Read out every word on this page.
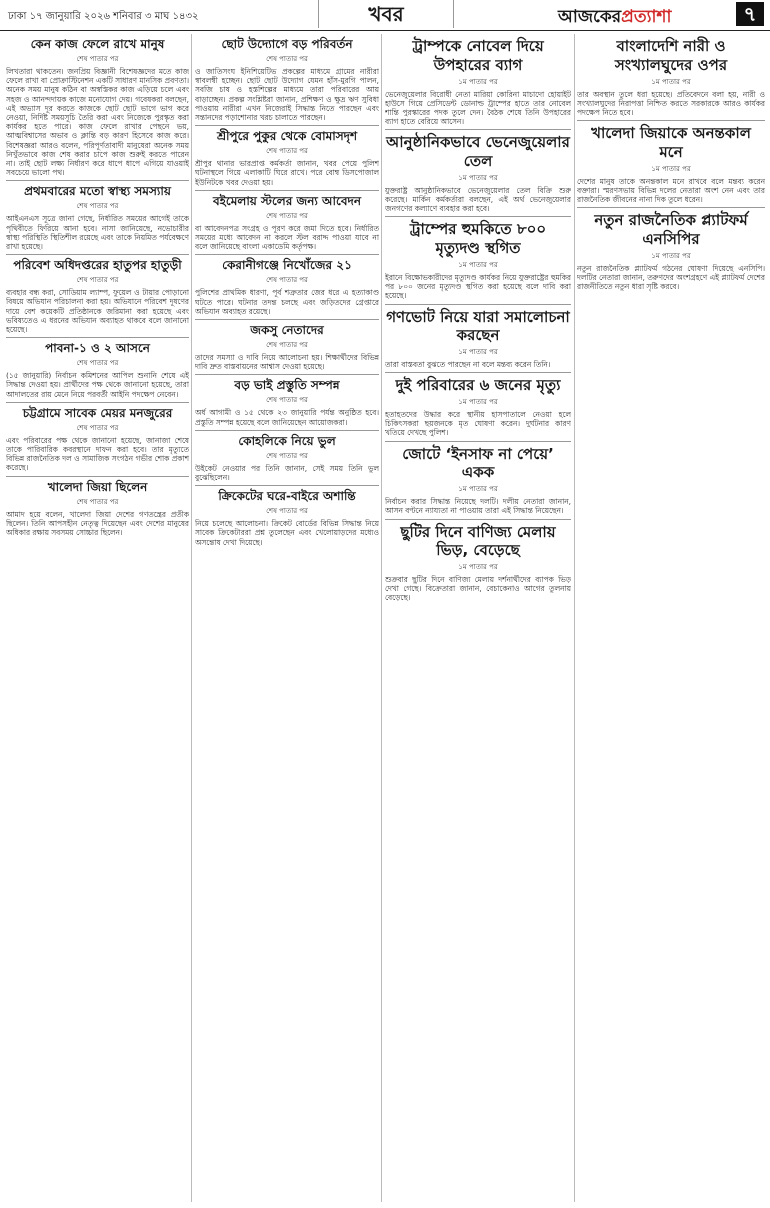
ঢাকা ১৭ জানুয়ারি ২০২৬ শনিবার ৩ মাঘ ১৪৩২	খবর	আজকেরপ্রত্যাশা	৭
কেন কাজ ফেলে রাখে মানুষ
শেষ পাতার পর

লিখতারা থাকতেন। জনপ্রিয় বিজ্ঞানী বিশেষজ্ঞদের মতে কাজ ফেলে রাখা বা প্রোক্রাস্টিনেশন একটি সাধারণ মানসিক প্রবণতা। অনেক সময় মানুষ কঠিন বা অস্বস্তিকর কাজ এড়িয়ে চলে এবং সহজ ও আনন্দদায়ক কাজে মনোযোগ দেয়। গবেষকরা বলছেন, এই অভ্যাস দূর করতে কাজকে ছোট ছোট ভাগে ভাগ করে নেওয়া, নির্দিষ্ট সময়সূচি তৈরি করা এবং নিজেকে পুরস্কৃত করা কার্যকর হতে পারে। কাজ ফেলে রাখার পেছনে ভয়, আত্মবিশ্বাসের অভাব ও ক্লান্তি বড় কারণ হিসেবে কাজ করে। বিশেষজ্ঞরা আরও বলেন, পরিপূর্ণতাবাদী মানুষেরা অনেক সময় নিখুঁতভাবে কাজ শেষ করার চাপে কাজ শুরুই করতে পারেন না। তাই ছোট লক্ষ্য নির্ধারণ করে ধাপে ধাপে এগিয়ে যাওয়াই সবচেয়ে ভালো পথ।

প্রথমবারের মতো স্বাস্থ্য সমস্যায়
শেষ পাতার পর

আইএনএস সূত্রে জানা গেছে, নির্ধারিত সময়ের আগেই তাকে পৃথিবীতে ফিরিয়ে আনা হবে। নাসা জানিয়েছে, নভোচারীর স্বাস্থ্য পরিস্থিতি স্থিতিশীল রয়েছে এবং তাকে নিয়মিত পর্যবেক্ষণে রাখা হয়েছে।

পরিবেশ অধিদপ্তরের হাতুপর হাতুড়ী
শেষ পাতার পর

ব্যবহার বন্ধ করা, সোডিয়াম ল্যাম্প, ফুয়েল ও টায়ার পোড়ানো বিষয়ে অভিযান পরিচালনা করা হয়। অভিযানে পরিবেশ দূষণের দায়ে বেশ কয়েকটি প্রতিষ্ঠানকে জরিমানা করা হয়েছে এবং ভবিষ্যতেও এ ধরনের অভিযান অব্যাহত থাকবে বলে জানানো হয়েছে।

পাবনা-১ ও ২ আসনে
শেষ পাতার পর

(১৫ জানুয়ারি) নির্বাচন কমিশনের আপিল শুনানি শেষে এই সিদ্ধান্ত দেওয়া হয়। প্রার্থীদের পক্ষ থেকে জানানো হয়েছে, তারা আদালতের রায় মেনে নিয়ে পরবর্তী আইনি পদক্ষেপ নেবেন।

চট্টগ্রামে সাবেক মেয়র মনজুরের
শেষ পাতার পর

এবং পরিবারের পক্ষ থেকে জানানো হয়েছে, জানাজা শেষে তাকে পারিবারিক কবরস্থানে দাফন করা হবে। তার মৃত্যুতে বিভিন্ন রাজনৈতিক দল ও সামাজিক সংগঠন গভীর শোক প্রকাশ করেছে।

খালেদা জিয়া ছিলেন
শেষ পাতার পর

আমাদ হয়ে বলেন, খালেদা জিয়া দেশের গণতন্ত্রের প্রতীক ছিলেন। তিনি আপসহীন নেতৃত্ব দিয়েছেন এবং দেশের মানুষের অধিকার রক্ষায় সবসময় সোচ্চার ছিলেন।

ছোট উদ্যোগে বড় পরিবর্তন
শেষ পাতার পর

ও জাতিসংঘ ইনিশিয়েটিভ প্রকল্পের মাধ্যমে গ্রামের নারীরা স্বাবলম্বী হচ্ছেন। ছোট ছোট উদ্যোগ যেমন হাঁস-মুরগি পালন, সবজি চাষ ও হস্তশিল্পের মাধ্যমে তারা পরিবারের আয় বাড়াচ্ছেন। প্রকল্প সংশ্লিষ্টরা জানান, প্রশিক্ষণ ও ক্ষুদ্র ঋণ সুবিধা পাওয়ায় নারীরা এখন নিজেরাই সিদ্ধান্ত নিতে পারছেন এবং সন্তানদের পড়াশোনার খরচ চালাতে পারছেন।

শ্রীপুরে পুকুর থেকে বোমাসদৃশ
শেষ পাতার পর

শ্রীপুর থানার ভারপ্রাপ্ত কর্মকর্তা জানান, খবর পেয়ে পুলিশ ঘটনাস্থলে গিয়ে এলাকাটি ঘিরে রাখে। পরে বোম্ব ডিসপোজাল ইউনিটকে খবর দেওয়া হয়।

বইমেলায় স্টলের জন্য আবেদন
শেষ পাতার পর

বা আবেদনপত্র সংগ্রহ ও পূরণ করে জমা দিতে হবে। নির্ধারিত সময়ের মধ্যে আবেদন না করলে স্টল বরাদ্দ পাওয়া যাবে না বলে জানিয়েছে বাংলা একাডেমি কর্তৃপক্ষ।

কেরানীগঞ্জে নিখোঁজের ২১
শেষ পাতার পর

পুলিশের প্রাথমিক ধারণা, পূর্ব শত্রুতার জের ধরে এ হত্যাকাণ্ড ঘটতে পারে। ঘটনার তদন্ত চলছে এবং জড়িতদের গ্রেপ্তারে অভিযান অব্যাহত রয়েছে।

জকসু নেতাদের
শেষ পাতার পর

তাদের সমস্যা ও দাবি নিয়ে আলোচনা হয়। শিক্ষার্থীদের বিভিন্ন দাবি দ্রুত বাস্তবায়নের আশ্বাস দেওয়া হয়েছে।

বড় ভাই প্রস্তুতি সম্পন্ন
শেষ পাতার পর

অর্ধ আগামী ও ১৫ থেকে ২৩ জানুয়ারি পর্যন্ত অনুষ্ঠিত হবে। প্রস্তুতি সম্পন্ন হয়েছে বলে জানিয়েছেন আয়োজকরা।

কোহলিকে নিয়ে ভুল
শেষ পাতার পর

উইকেট নেওয়ার পর তিনি জানান, সেই সময় তিনি ভুল বুঝেছিলেন।

ক্রিকেটের ঘরে-বাইরে অশান্তি
শেষ পাতার পর

নিয়ে চলেছে আলোচনা। ক্রিকেট বোর্ডের বিভিন্ন সিদ্ধান্ত নিয়ে সাবেক ক্রিকেটাররা প্রশ্ন তুলেছেন এবং খেলোয়াড়দের মধ্যেও অসন্তোষ দেখা দিয়েছে।

ট্রাম্পকে নোবেল দিয়ে উপহারের ব্যাগ
১ম পাতার পর

ভেনেজুয়েলার বিরোধী নেতা মারিয়া কোরিনা মাচাদো হোয়াইট হাউসে গিয়ে প্রেসিডেন্ট ডোনাল্ড ট্রাম্পের হাতে তার নোবেল শান্তি পুরস্কারের পদক তুলে দেন। বৈঠক শেষে তিনি উপহারের ব্যাগ হাতে বেরিয়ে আসেন।

আনুষ্ঠানিকভাবে ভেনেজুয়েলার তেল
১ম পাতার পর

যুক্তরাষ্ট্র আনুষ্ঠানিকভাবে ভেনেজুয়েলার তেল বিক্রি শুরু করেছে। মার্কিন কর্মকর্তারা বলছেন, এই অর্থ ভেনেজুয়েলার জনগণের কল্যাণে ব্যবহার করা হবে।

ট্রাম্পের হুমকিতে ৮০০ মৃত্যুদণ্ড স্থগিত
১ম পাতার পর

ইরানে বিক্ষোভকারীদের মৃত্যুদণ্ড কার্যকর নিয়ে যুক্তরাষ্ট্রের হুমকির পর ৮০০ জনের মৃত্যুদণ্ড স্থগিত করা হয়েছে বলে দাবি করা হয়েছে।

গণভোট নিয়ে যারা সমালোচনা করছেন
১ম পাতার পর

তারা বাস্তবতা বুঝতে পারছেন না বলে মন্তব্য করেন তিনি।

দুই পরিবারের ৬ জনের মৃত্যু
১ম পাতার পর

হতাহতদের উদ্ধার করে স্থানীয় হাসপাতালে নেওয়া হলে চিকিৎসকরা ছয়জনকে মৃত ঘোষণা করেন। দুর্ঘটনার কারণ খতিয়ে দেখছে পুলিশ।

জোটে ‘ইনসাফ না পেয়ে’ একক
১ম পাতার পর

নির্বাচন করার সিদ্ধান্ত নিয়েছে দলটি। দলীয় নেতারা জানান, আসন বণ্টনে ন্যায্যতা না পাওয়ায় তারা এই সিদ্ধান্ত নিয়েছেন।

ছুটির দিনে বাণিজ্য মেলায় ভিড়, বেড়েছে
১ম পাতার পর

শুক্রবার ছুটির দিনে বাণিজ্য মেলায় দর্শনার্থীদের ব্যাপক ভিড় দেখা গেছে। বিক্রেতারা জানান, বেচাকেনাও আগের তুলনায় বেড়েছে।

বাংলাদেশি নারী ও সংখ্যালঘুদের ওপর
১ম পাতার পর

তার অবস্থান তুলে ধরা হয়েছে। প্রতিবেদনে বলা হয়, নারী ও সংখ্যালঘুদের নিরাপত্তা নিশ্চিত করতে সরকারকে আরও কার্যকর পদক্ষেপ নিতে হবে।

খালেদা জিয়াকে অনন্তকাল মনে
১ম পাতার পর

দেশের মানুষ তাকে অনন্তকাল মনে রাখবে বলে মন্তব্য করেন বক্তারা। স্মরণসভায় বিভিন্ন দলের নেতারা অংশ নেন এবং তার রাজনৈতিক জীবনের নানা দিক তুলে ধরেন।

নতুন রাজনৈতিক প্ল্যাটফর্ম এনসিপির
১ম পাতার পর

নতুন রাজনৈতিক প্ল্যাটফর্ম গঠনের ঘোষণা দিয়েছে এনসিপি। দলটির নেতারা জানান, তরুণদের অংশগ্রহণে এই প্ল্যাটফর্ম দেশের রাজনীতিতে নতুন ধারা সৃষ্টি করবে।
